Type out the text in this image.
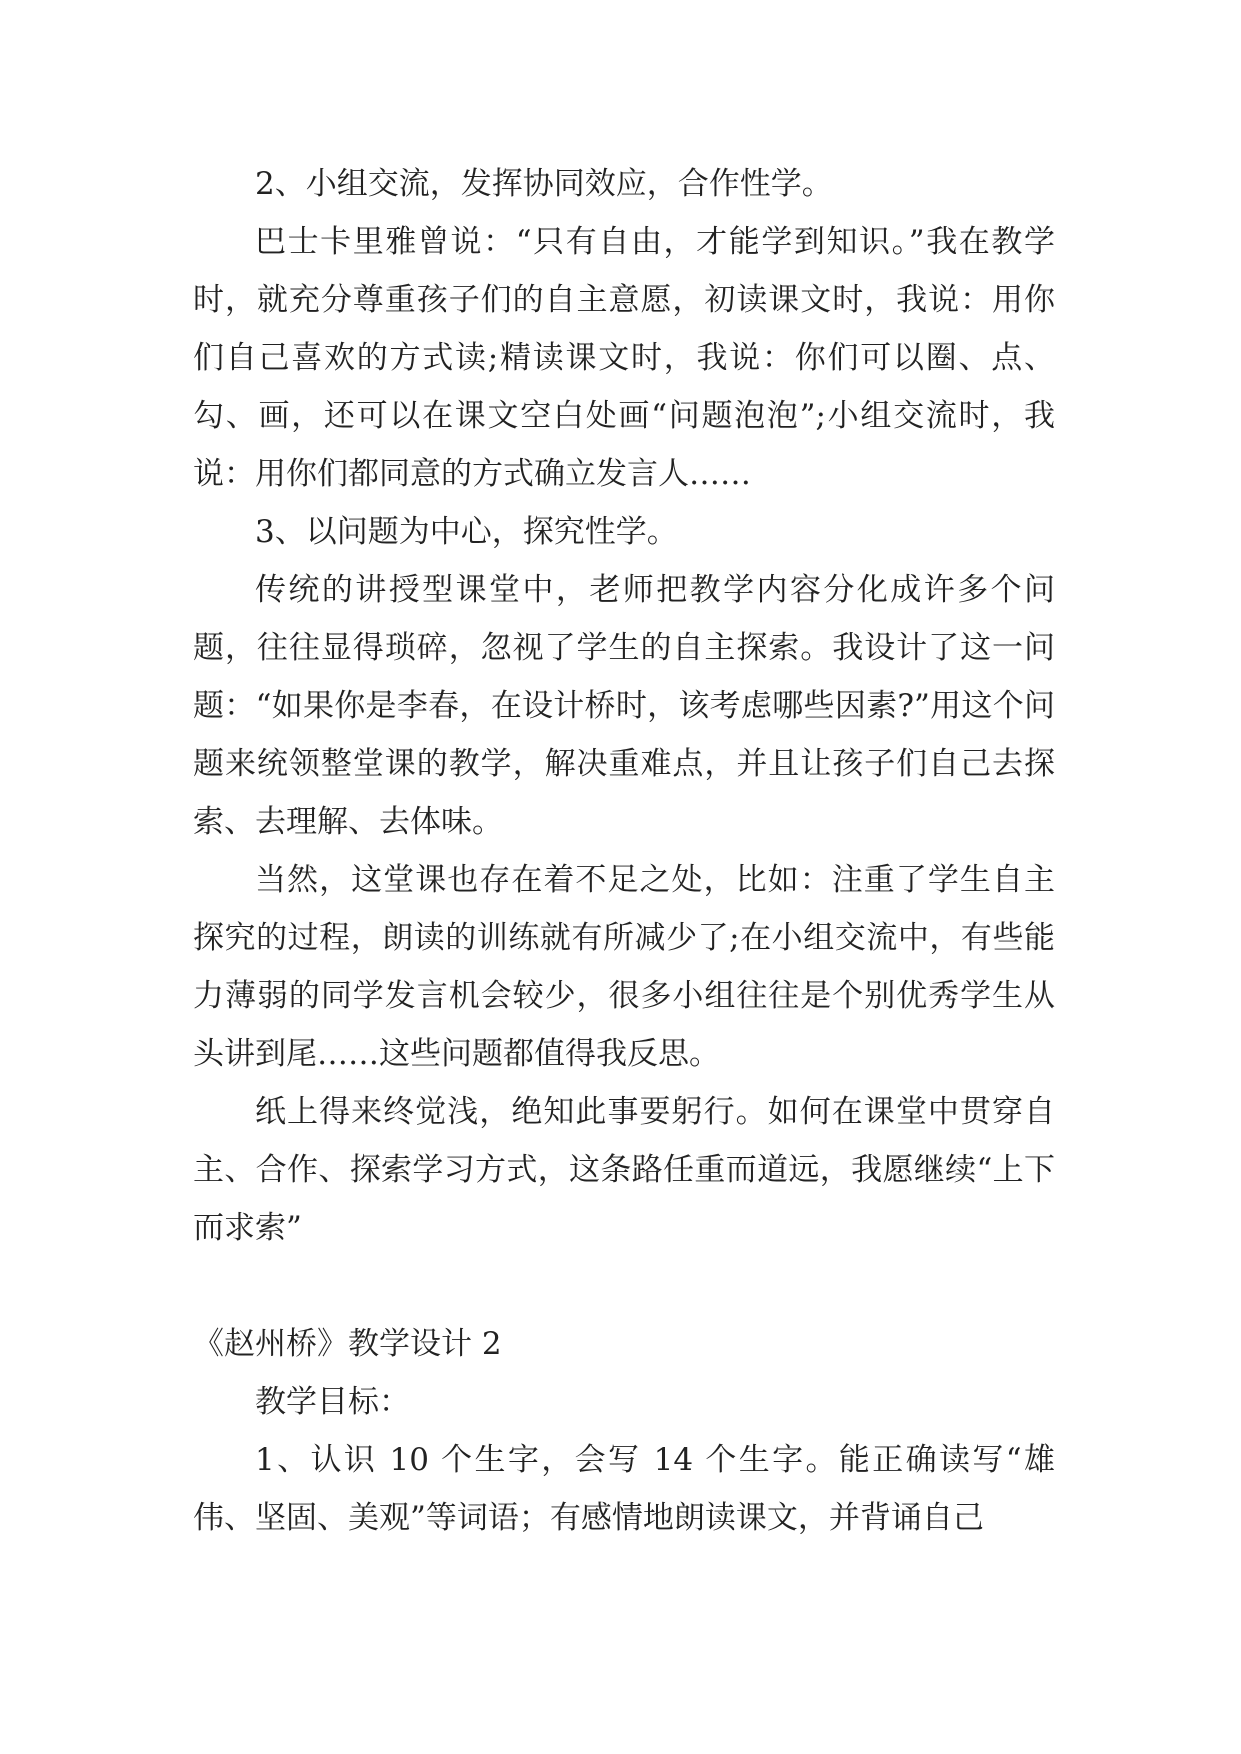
2、小组交流，发挥协同效应，合作性学。

巴士卡里雅曾说：“只有自由，才能学到知识。”我在教学时，就充分尊重孩子们的自主意愿，初读课文时，我说：用你们自己喜欢的方式读;精读课文时，我说：你们可以圈、点、勾、画，还可以在课文空白处画“问题泡泡”;小组交流时，我说：用你们都同意的方式确立发言人……

3、以问题为中心，探究性学。

传统的讲授型课堂中，老师把教学内容分化成许多个问题，往往显得琐碎，忽视了学生的自主探索。我设计了这一问题：“如果你是李春，在设计桥时，该考虑哪些因素?”用这个问题来统领整堂课的教学，解决重难点，并且让孩子们自己去探索、去理解、去体味。

当然，这堂课也存在着不足之处，比如：注重了学生自主探究的过程，朗读的训练就有所减少了;在小组交流中，有些能力薄弱的同学发言机会较少，很多小组往往是个别优秀学生从头讲到尾……这些问题都值得我反思。

纸上得来终觉浅，绝知此事要躬行。如何在课堂中贯穿自主、合作、探索学习方式，这条路任重而道远，我愿继续“上下而求索”

《赵州桥》教学设计 2

教学目标：

1、认识 10 个生字，会写 14 个生字。能正确读写“雄伟、坚固、美观”等词语；有感情地朗读课文，并背诵自己
